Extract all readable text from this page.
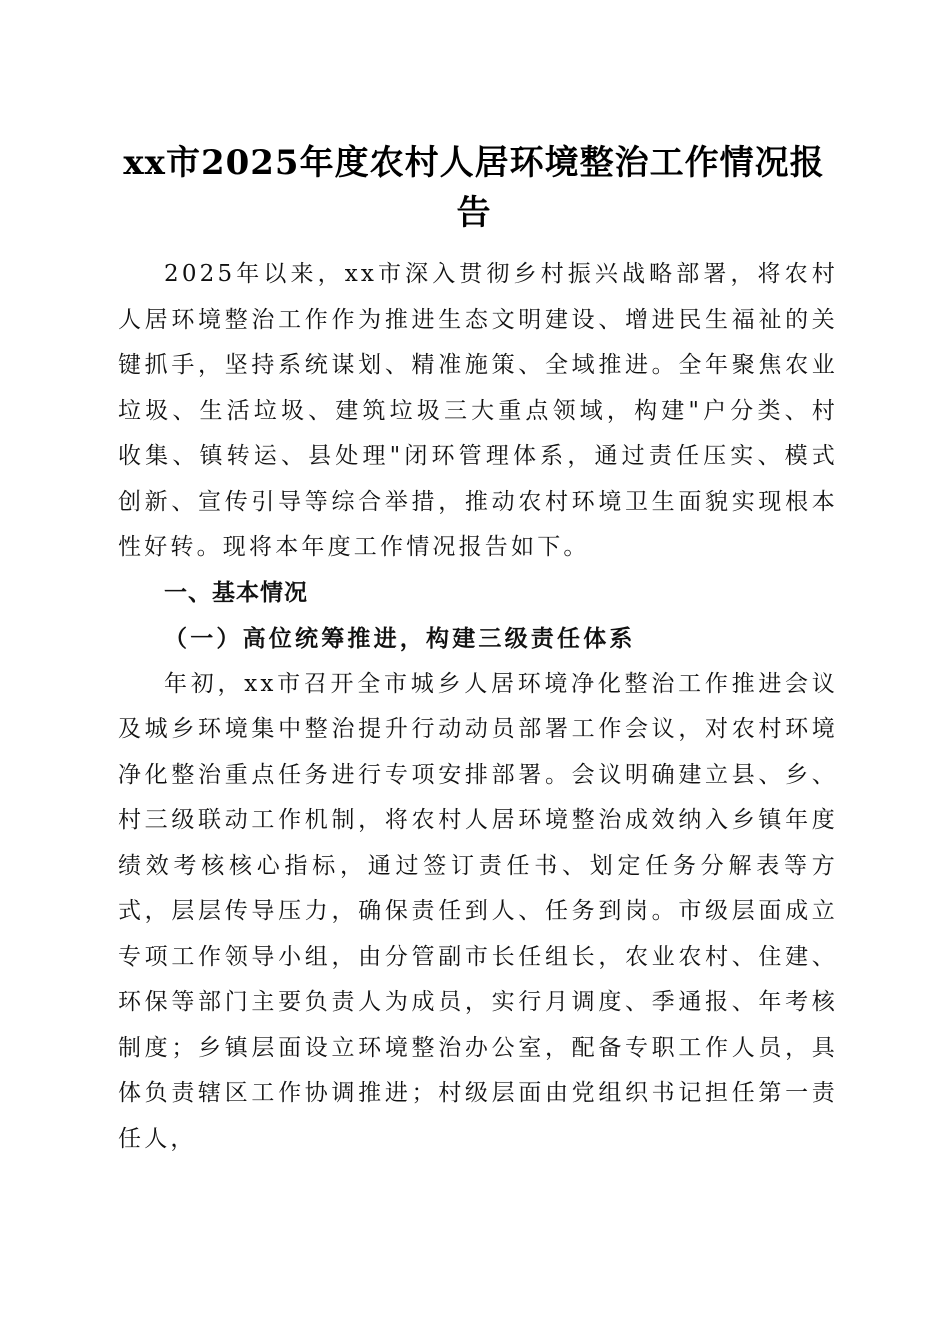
xx市2025年度农村人居环境整治工作情况报告

2025年以来，xx市深入贯彻乡村振兴战略部署，将农村人居环境整治工作作为推进生态文明建设、增进民生福祉的关键抓手，坚持系统谋划、精准施策、全域推进。全年聚焦农业垃圾、生活垃圾、建筑垃圾三大重点领域，构建"户分类、村收集、镇转运、县处理"闭环管理体系，通过责任压实、模式创新、宣传引导等综合举措，推动农村环境卫生面貌实现根本性好转。现将本年度工作情况报告如下。

一、基本情况

（一）高位统筹推进，构建三级责任体系

年初，xx市召开全市城乡人居环境净化整治工作推进会议及城乡环境集中整治提升行动动员部署工作会议，对农村环境净化整治重点任务进行专项安排部署。会议明确建立县、乡、村三级联动工作机制，将农村人居环境整治成效纳入乡镇年度绩效考核核心指标，通过签订责任书、划定任务分解表等方式，层层传导压力，确保责任到人、任务到岗。市级层面成立专项工作领导小组，由分管副市长任组长，农业农村、住建、环保等部门主要负责人为成员，实行月调度、季通报、年考核制度；乡镇层面设立环境整治办公室，配备专职工作人员，具体负责辖区工作协调推进；村级层面由党组织书记担任第一责任人，
